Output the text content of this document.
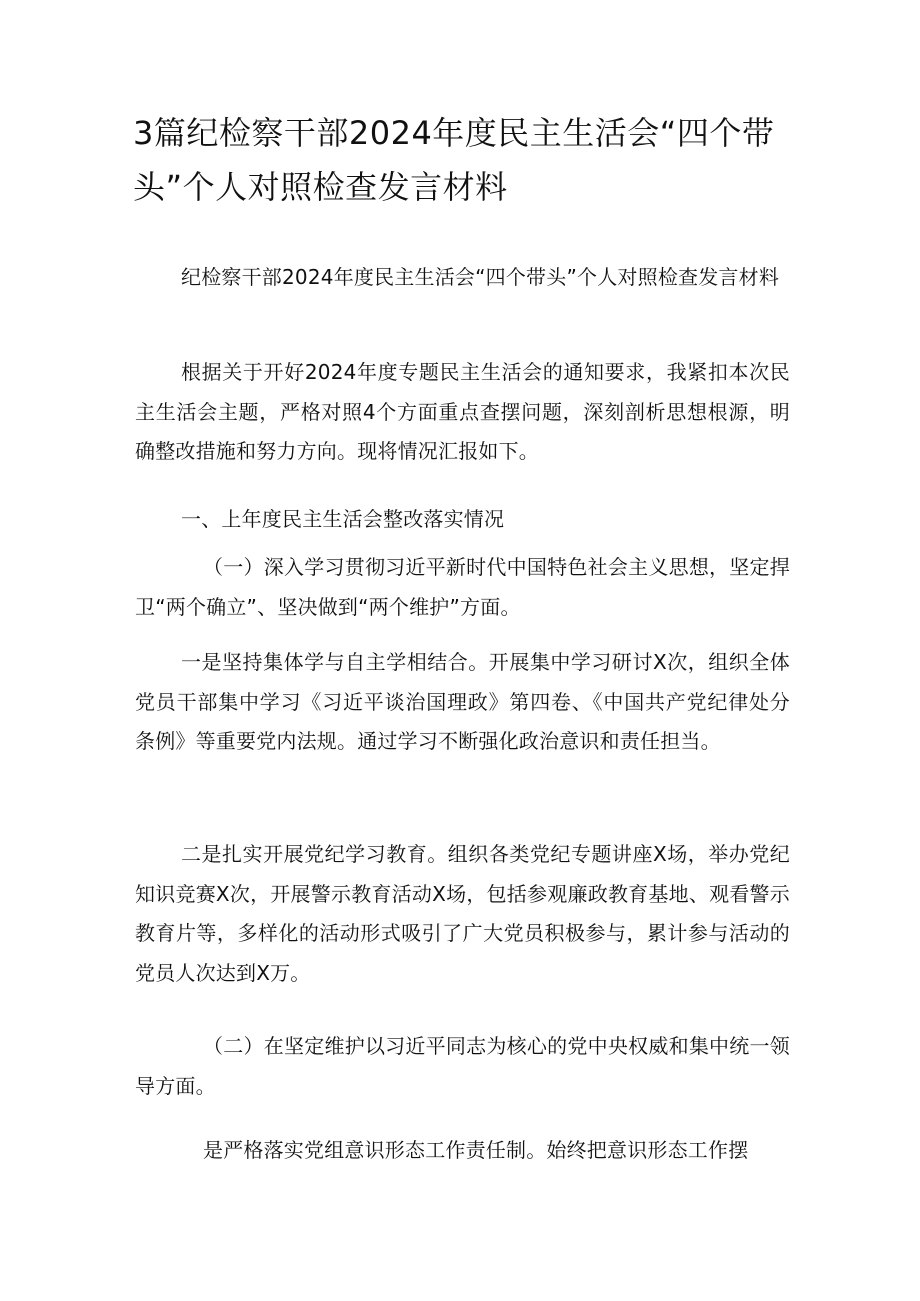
3篇纪检察干部2024年度民主生活会“四个带头”个人对照检查发言材料

纪检察干部2024年度民主生活会“四个带头”个人对照检查发言材料

根据关于开好2024年度专题民主生活会的通知要求，我紧扣本次民主生活会主题，严格对照4个方面重点查摆问题，深刻剖析思想根源，明确整改措施和努力方向。现将情况汇报如下。

一、上年度民主生活会整改落实情况

（一）深入学习贯彻习近平新时代中国特色社会主义思想，坚定捍卫“两个确立”、坚决做到“两个维护”方面。

一是坚持集体学与自主学相结合。开展集中学习研讨X次，组织全体党员干部集中学习《习近平谈治国理政》第四卷、《中国共产党纪律处分条例》等重要党内法规。通过学习不断强化政治意识和责任担当。

二是扎实开展党纪学习教育。组织各类党纪专题讲座X场，举办党纪知识竞赛X次，开展警示教育活动X场，包括参观廉政教育基地、观看警示教育片等，多样化的活动形式吸引了广大党员积极参与，累计参与活动的党员人次达到X万。

（二）在坚定维护以习近平同志为核心的党中央权威和集中统一领导方面。

是严格落实党组意识形态工作责任制。始终把意识形态工作摆
